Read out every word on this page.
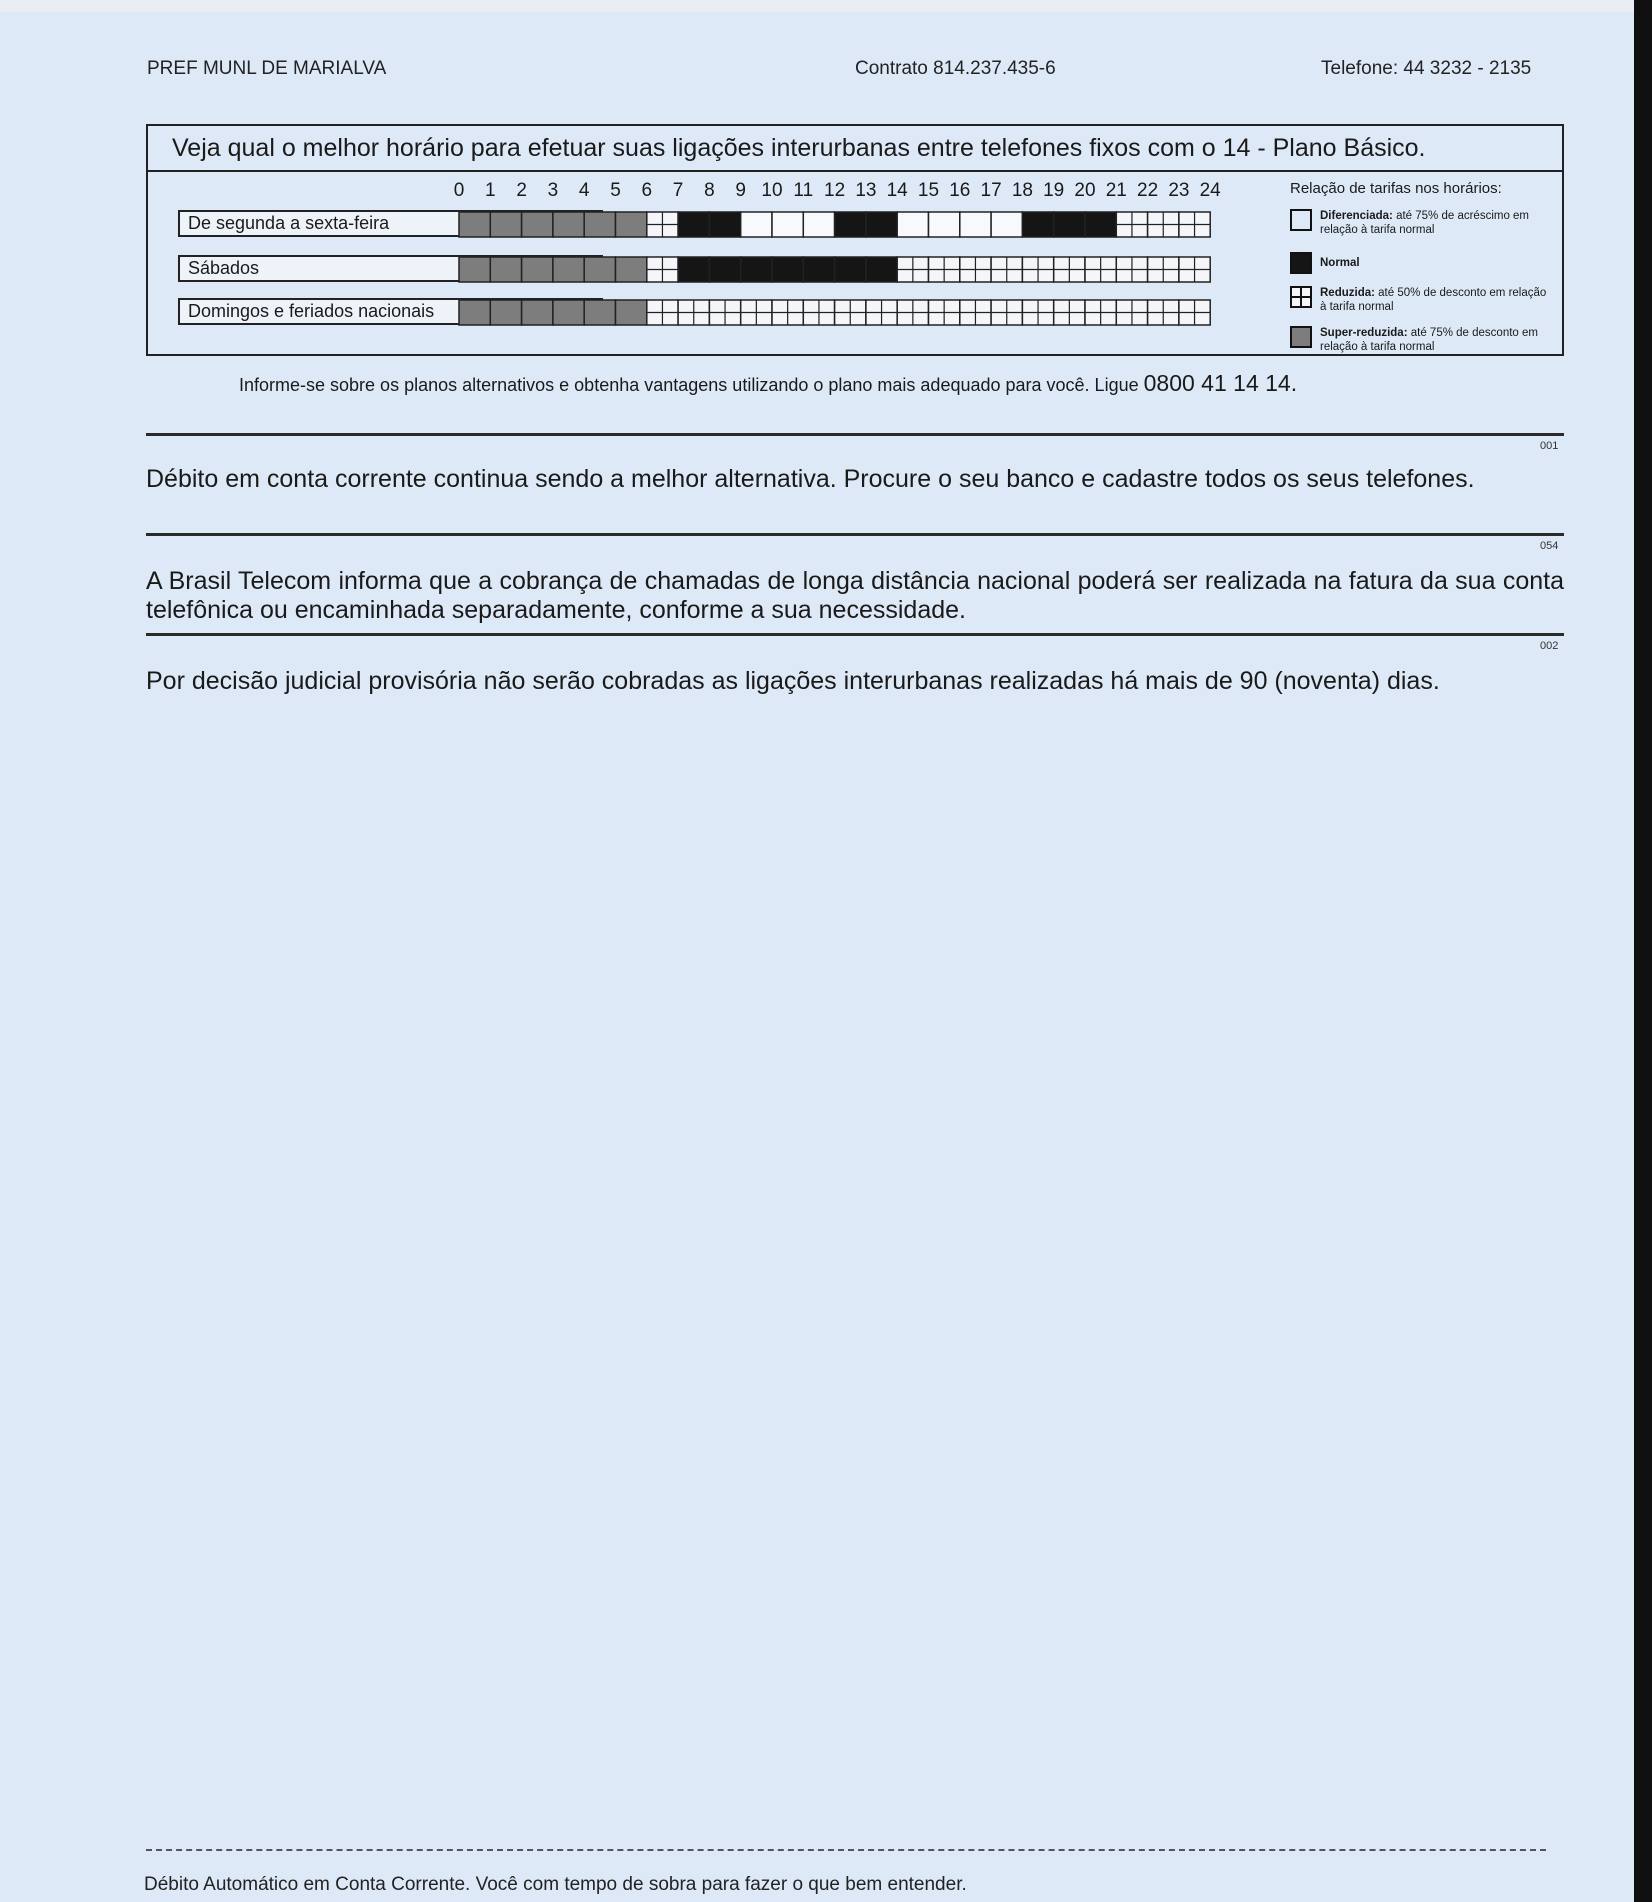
PREF MUNL DE MARIALVA	Contrato 814.237.435-6	Telefone: 44 3232 - 2135
Veja qual o melhor horário para efetuar suas ligações interurbanas entre telefones fixos com o 14 - Plano Básico.
0 1 2 3 4 5 6 7 8 9 10 11 12 13 14 15 16 17 18 19 20 21 22 23 24
De segunda a sexta-feira
Sábados
Domingos e feriados nacionais
Relação de tarifas nos horários:
Diferenciada: até 75% de acréscimo em relação à tarifa normal
Normal
Reduzida: até 50% de desconto em relação à tarifa normal
Super-reduzida: até 75% de desconto em relação à tarifa normal
Informe-se sobre os planos alternativos e obtenha vantagens utilizando o plano mais adequado para você. Ligue 0800 41 14 14.
001
Débito em conta corrente continua sendo a melhor alternativa. Procure o seu banco e cadastre todos os seus telefones.
054
A Brasil Telecom informa que a cobrança de chamadas de longa distância nacional poderá ser realizada na fatura da sua conta telefônica ou encaminhada separadamente, conforme a sua necessidade.
002
Por decisão judicial provisória não serão cobradas as ligações interurbanas realizadas há mais de 90 (noventa) dias.
Débito Automático em Conta Corrente. Você com tempo de sobra para fazer o que bem entender.
